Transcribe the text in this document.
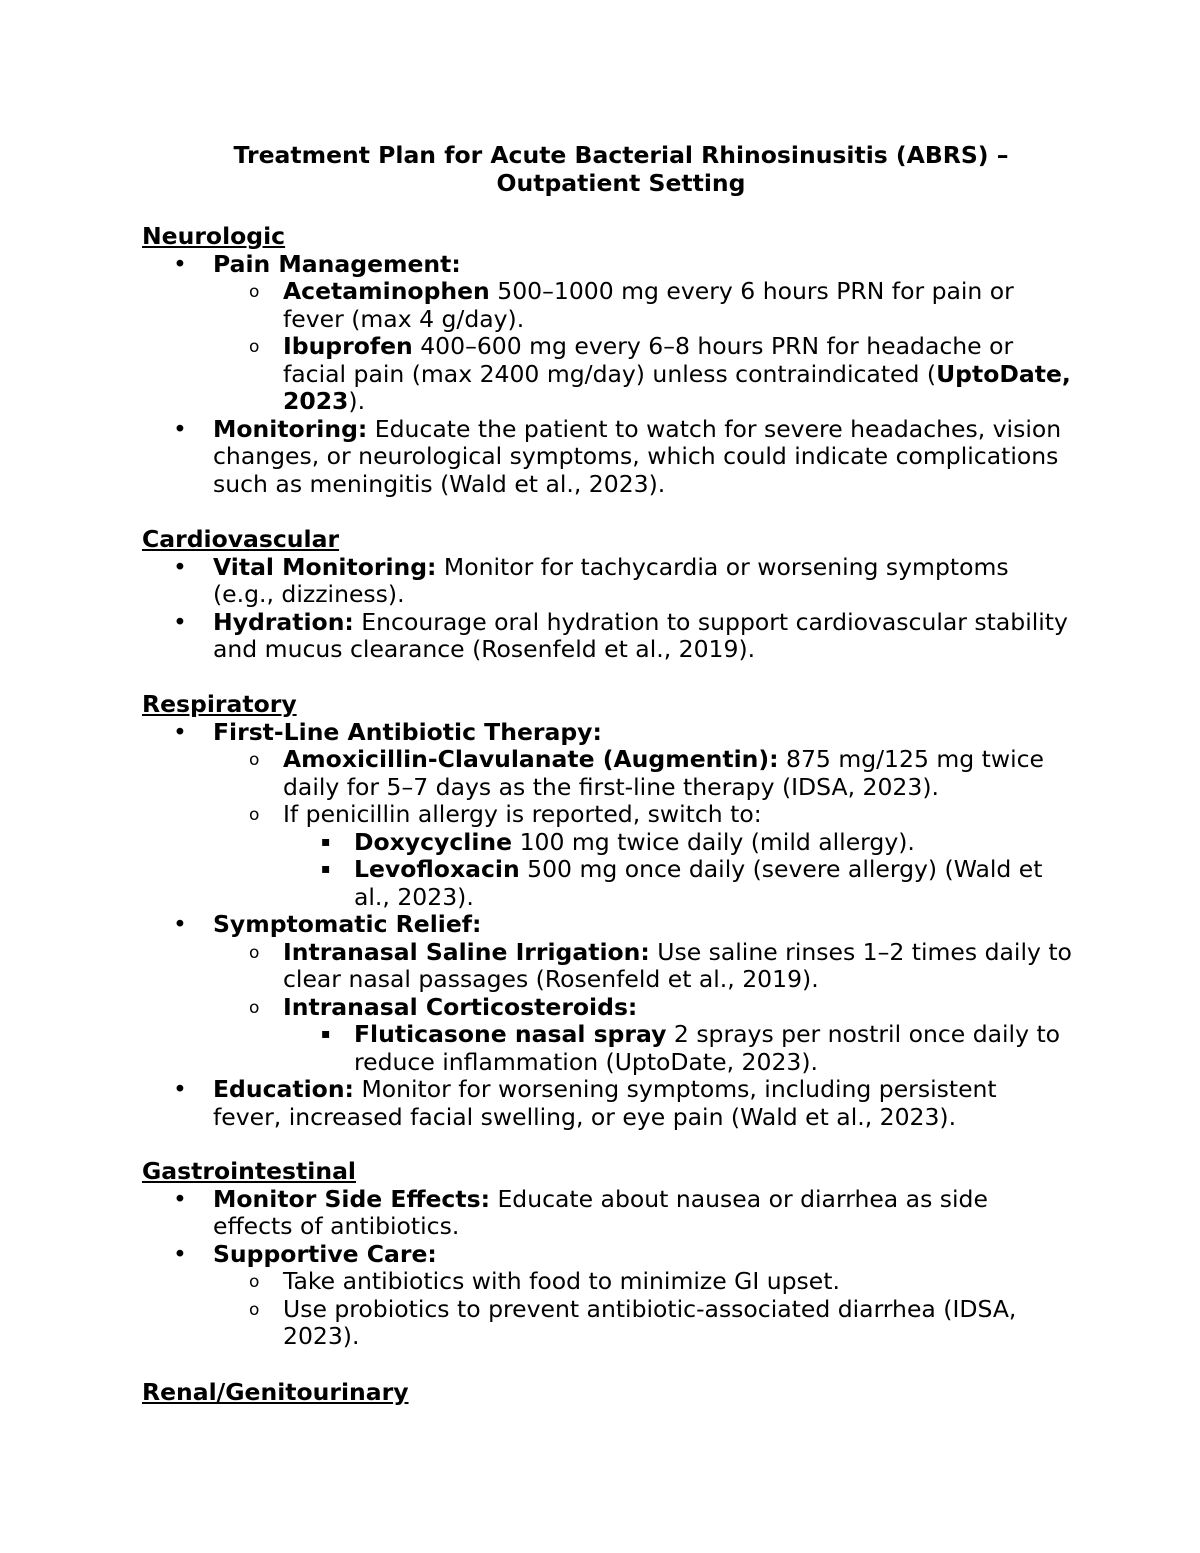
Treatment Plan for Acute Bacterial Rhinosinusitis (ABRS) –
Outpatient Setting
Neurologic
• Pain Management:
o Acetaminophen 500–1000 mg every 6 hours PRN for pain or fever (max 4 g/day).
o Ibuprofen 400–600 mg every 6–8 hours PRN for headache or facial pain (max 2400 mg/day) unless contraindicated (UptoDate, 2023).
• Monitoring: Educate the patient to watch for severe headaches, vision changes, or neurological symptoms, which could indicate complications such as meningitis (Wald et al., 2023).
Cardiovascular
• Vital Monitoring: Monitor for tachycardia or worsening symptoms (e.g., dizziness).
• Hydration: Encourage oral hydration to support cardiovascular stability and mucus clearance (Rosenfeld et al., 2019).
Respiratory
• First-Line Antibiotic Therapy:
o Amoxicillin-Clavulanate (Augmentin): 875 mg/125 mg twice daily for 5–7 days as the first-line therapy (IDSA, 2023).
o If penicillin allergy is reported, switch to:
▪ Doxycycline 100 mg twice daily (mild allergy).
▪ Levofloxacin 500 mg once daily (severe allergy) (Wald et al., 2023).
• Symptomatic Relief:
o Intranasal Saline Irrigation: Use saline rinses 1–2 times daily to clear nasal passages (Rosenfeld et al., 2019).
o Intranasal Corticosteroids:
▪ Fluticasone nasal spray 2 sprays per nostril once daily to reduce inflammation (UptoDate, 2023).
• Education: Monitor for worsening symptoms, including persistent fever, increased facial swelling, or eye pain (Wald et al., 2023).
Gastrointestinal
• Monitor Side Effects: Educate about nausea or diarrhea as side effects of antibiotics.
• Supportive Care:
o Take antibiotics with food to minimize GI upset.
o Use probiotics to prevent antibiotic-associated diarrhea (IDSA, 2023).
Renal/Genitourinary
